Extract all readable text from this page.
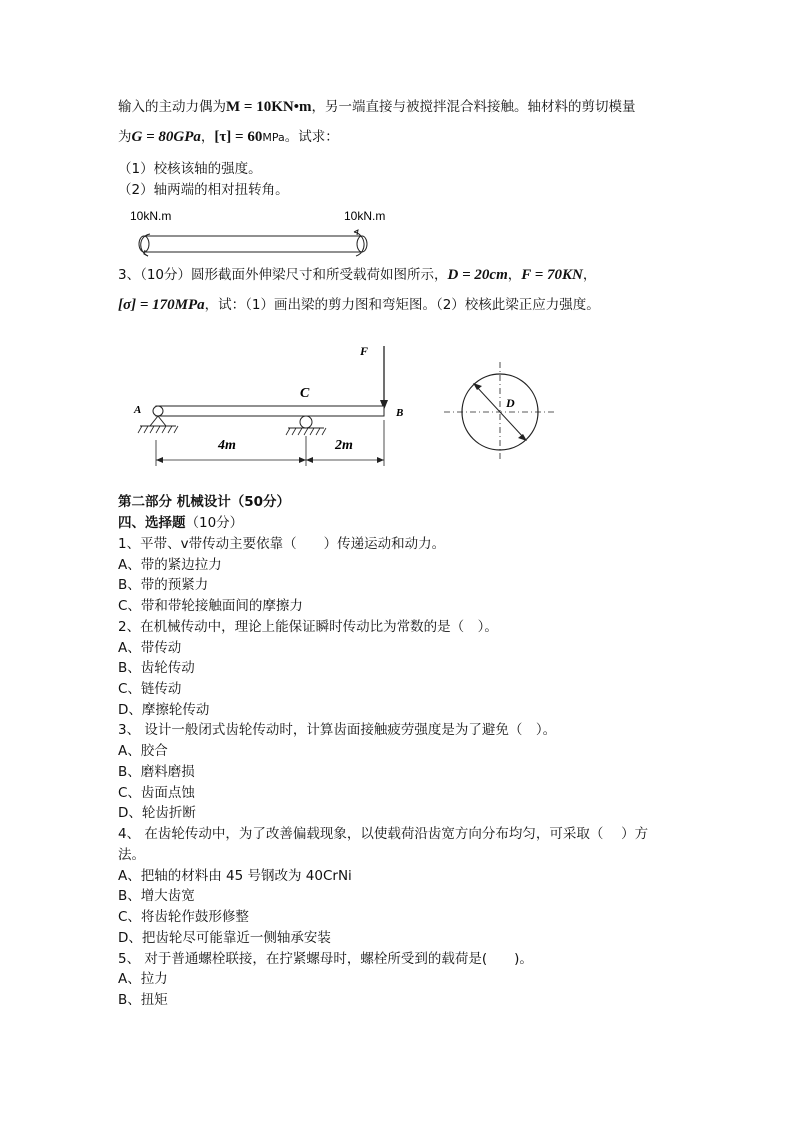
输入的主动力偶为M = 10KN•m，另一端直接与被搅拌混合料接触。轴材料的剪切模量
为G = 80GPa，[τ] = 60MPa。试求：
（1）校核该轴的强度。
（2）轴两端的相对扭转角。
10kN.m	10kN.m
3、（10分）圆形截面外伸梁尺寸和所受载荷如图所示，D = 20cm，F = 70KN，
[σ] = 170MPa，试：（1）画出梁的剪力图和弯矩图。（2）校核此梁正应力强度。
F
C
A	B
4m	2m
D
第二部分 机械设计（50分）
四、选择题（10分）
1、平带、v带传动主要依靠（　　）传递运动和动力。
A、带的紧边拉力
B、带的预紧力
C、带和带轮接触面间的摩擦力
2、在机械传动中，理论上能保证瞬时传动比为常数的是（　）。
A、带传动
B、齿轮传动
C、链传动
D、摩擦轮传动
3、 设计一般闭式齿轮传动时，计算齿面接触疲劳强度是为了避免（　）。
A、胶合
B、磨料磨损
C、齿面点蚀
D、轮齿折断
4、 在齿轮传动中，为了改善偏载现象，以使载荷沿齿宽方向分布均匀，可采取（　 ）方
法。
A、把轴的材料由 45 号钢改为 40CrNi
B、增大齿宽
C、将齿轮作鼓形修整
D、把齿轮尽可能靠近一侧轴承安装
5、 对于普通螺栓联接，在拧紧螺母时，螺栓所受到的载荷是(　　)。
A、拉力
B、扭矩
